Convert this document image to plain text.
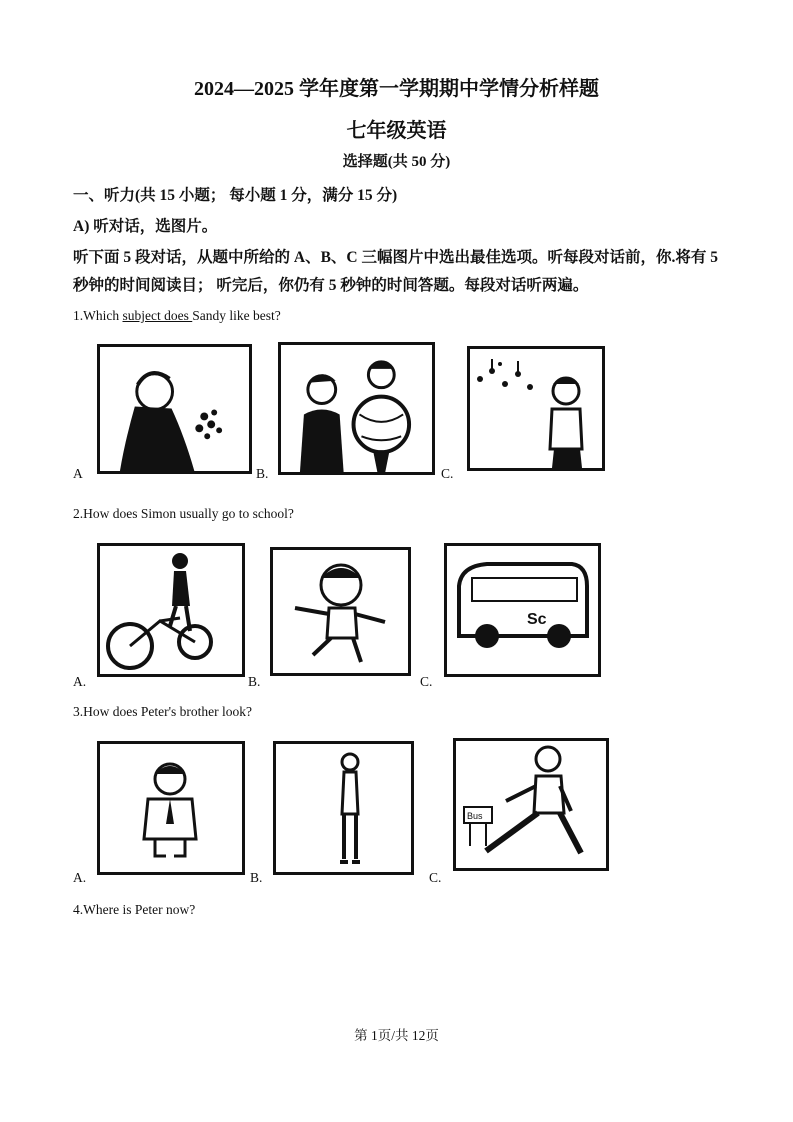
2024—2025 学年度第一学期期中学情分析样题
七年级英语
选择题(共 50 分)
一、听力(共 15 小题； 每小题 1 分，满分 15 分)
A) 听对话，选图片。
听下面 5 段对话，从题中所给的 A、B、C 三幅图片中选出最佳选项。听每段对话前，你.将有 5 秒钟的时间阅读目； 听完后，你仍有 5 秒钟的时间答题。每段对话听两遍。
1.Which subject does Sandy like best?
A	B.	C.
2.How does Simon usually go to school?
A.	B.
Sc
C.
3.How does Peter's brother look?
A.	B.
Bus
C.
4.Where is Peter now?
第 1页/共 12页
